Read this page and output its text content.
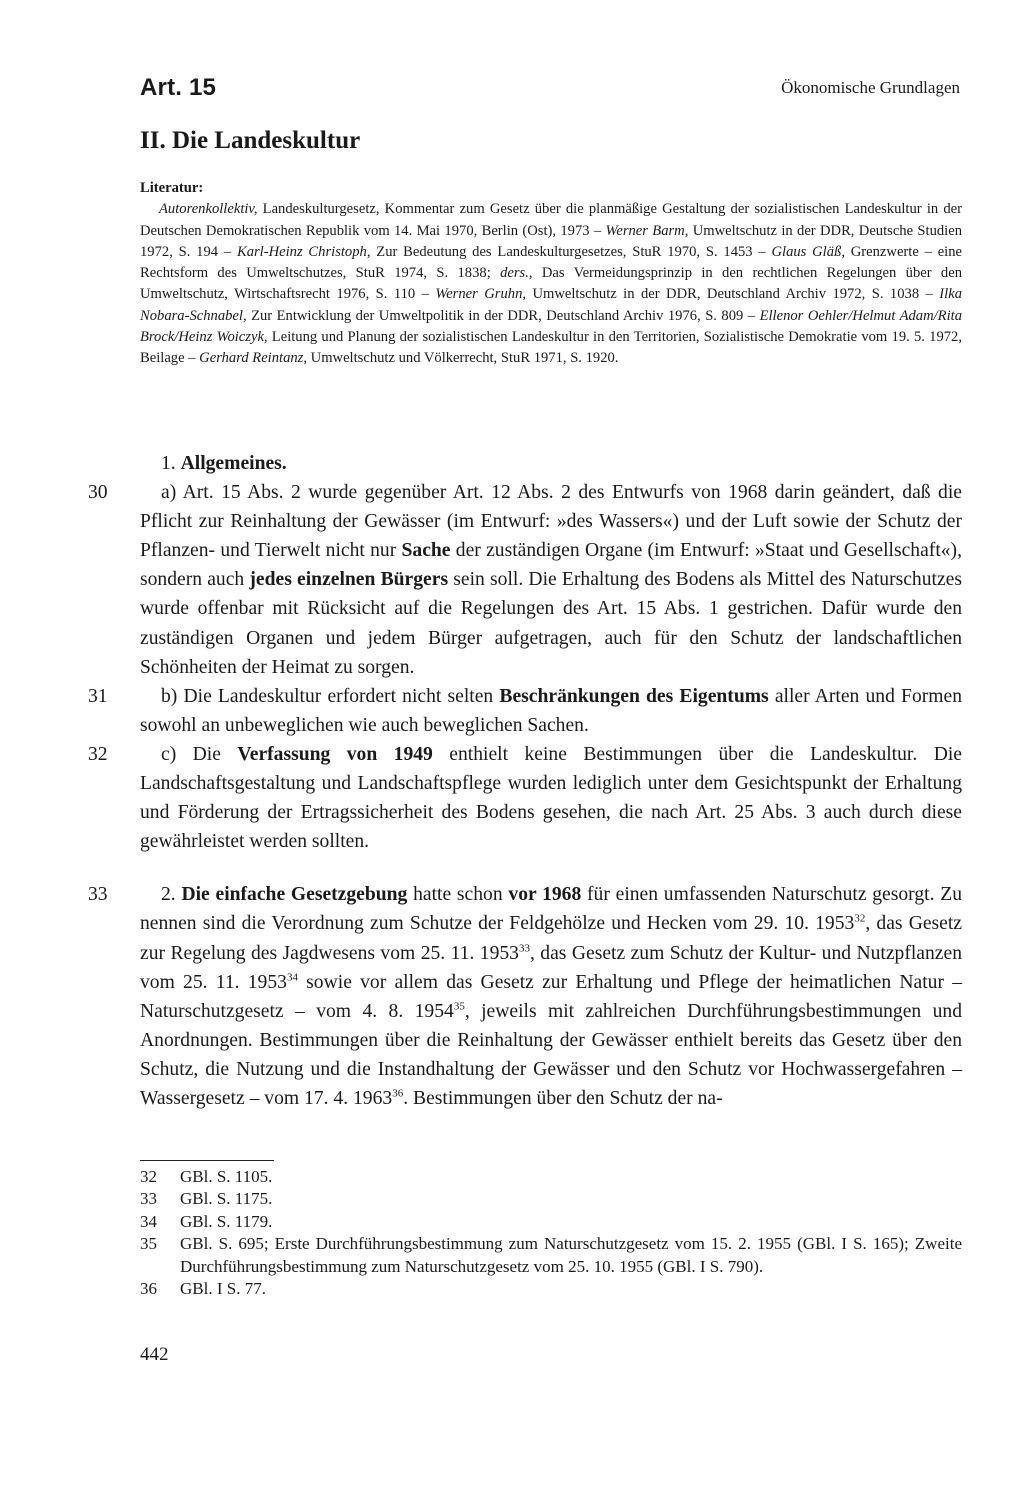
Art. 15	Ökonomische Grundlagen
II. Die Landeskultur
Literatur:
Autorenkollektiv, Landeskulturgesetz, Kommentar zum Gesetz über die planmäßige Gestaltung der sozialistischen Landeskultur in der Deutschen Demokratischen Republik vom 14. Mai 1970, Berlin (Ost), 1973 – Werner Barm, Umweltschutz in der DDR, Deutsche Studien 1972, S. 194 – Karl-Heinz Christoph, Zur Bedeutung des Landeskulturgesetzes, StuR 1970, S. 1453 – Glaus Gläß, Grenzwerte – eine Rechtsform des Umweltschutzes, StuR 1974, S. 1838; ders., Das Vermeidungsprinzip in den rechtlichen Regelungen über den Umweltschutz, Wirtschaftsrecht 1976, S. 110 – Werner Gruhn, Umweltschutz in der DDR, Deutschland Archiv 1972, S. 1038 – Ilka Nobara-Schnabel, Zur Entwicklung der Umweltpolitik in der DDR, Deutschland Archiv 1976, S. 809 – Ellenor Oehler/Helmut Adam/Rita Brock/Heinz Woiczyk, Leitung und Planung der sozialistischen Landeskultur in den Territorien, Sozialistische Demokratie vom 19. 5. 1972, Beilage – Gerhard Reintanz, Umweltschutz und Völkerrecht, StuR 1971, S. 1920.

1. Allgemeines.

30	a) Art. 15 Abs. 2 wurde gegenüber Art. 12 Abs. 2 des Entwurfs von 1968 darin geändert, daß die Pflicht zur Reinhaltung der Gewässer (im Entwurf: »des Wassers«) und der Luft sowie der Schutz der Pflanzen- und Tierwelt nicht nur Sache der zuständigen Organe (im Entwurf: »Staat und Gesellschaft«), sondern auch jedes einzelnen Bürgers sein soll. Die Erhaltung des Bodens als Mittel des Naturschutzes wurde offenbar mit Rücksicht auf die Regelungen des Art. 15 Abs. 1 gestrichen. Dafür wurde den zuständigen Organen und jedem Bürger aufgetragen, auch für den Schutz der landschaftlichen Schönheiten der Heimat zu sorgen.

31	b) Die Landeskultur erfordert nicht selten Beschränkungen des Eigentums aller Arten und Formen sowohl an unbeweglichen wie auch beweglichen Sachen.

32	c) Die Verfassung von 1949 enthielt keine Bestimmungen über die Landeskultur. Die Landschaftsgestaltung und Landschaftspflege wurden lediglich unter dem Gesichtspunkt der Erhaltung und Förderung der Ertragssicherheit des Bodens gesehen, die nach Art. 25 Abs. 3 auch durch diese gewährleistet werden sollten.

33	2. Die einfache Gesetzgebung hatte schon vor 1968 für einen umfassenden Naturschutz gesorgt. Zu nennen sind die Verordnung zum Schutze der Feldgehölze und Hecken vom 29. 10. 1953$^{32}$, das Gesetz zur Regelung des Jagdwesens vom 25. 11. 1953$^{33}$, das Gesetz zum Schutz der Kultur- und Nutzpflanzen vom 25. 11. 1953$^{34}$ sowie vor allem das Gesetz zur Erhaltung und Pflege der heimatlichen Natur – Naturschutzgesetz – vom 4. 8. 1954$^{35}$, jeweils mit zahlreichen Durchführungsbestimmungen und Anordnungen. Bestimmungen über die Reinhaltung der Gewässer enthielt bereits das Gesetz über den Schutz, die Nutzung und die Instandhaltung der Gewässer und den Schutz vor Hochwassergefahren – Wassergesetz – vom 17. 4. 1963$^{36}$. Bestimmungen über den Schutz der na-

32	GBl. S. 1105.
33	GBl. S. 1175.
34	GBl. S. 1179.
35	GBl. S. 695; Erste Durchführungsbestimmung zum Naturschutzgesetz vom 15. 2. 1955 (GBl. I S. 165); Zweite Durchführungsbestimmung zum Naturschutzgesetz vom 25. 10. 1955 (GBl. I S. 790).
36	GBl. I S. 77.
442
